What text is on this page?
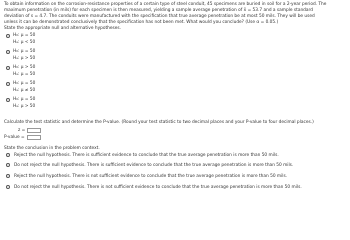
To obtain information on the corrosion-resistance properties of a certain type of steel conduit, 45 specimens are buried in soil for a 2-year period. The
maximum penetration (in mils) for each specimen is then measured, yielding a sample average penetration of x̄ = 53.7 and a sample standard
deviation of s = 4.7. The conduits were manufactured with the specification that true average penetration be at most 50 mils. They will be used
unless it can be demonstrated conclusively that the specification has not been met. What would you conclude? (Use α = 0.05.)
State the appropriate null and alternative hypotheses.
H₀: μ = 50
Hₐ: μ < 50
H₀: μ = 50
Hₐ: μ > 50
H₀: μ > 50
Hₐ: μ = 50
H₀: μ = 50
Hₐ: μ ≠ 50
H₀: μ = 50
Hₐ: μ > 50
Calculate the test statistic and determine the P-value. (Round your test statistic to two decimal places and your P-value to four decimal places.)
z =
P-value =
State the conclusion in the problem context.
Reject the null hypothesis. There is sufficient evidence to conclude that the true average penetration is more than 50 mils.
Do not reject the null hypothesis. There is sufficient evidence to conclude that the true average penetration is more than 50 mils.
Reject the null hypothesis. There is not sufficient evidence to conclude that the true average penetration is more than 50 mils.
Do not reject the null hypothesis. There is not sufficient evidence to conclude that the true average penetration is more than 50 mils.
